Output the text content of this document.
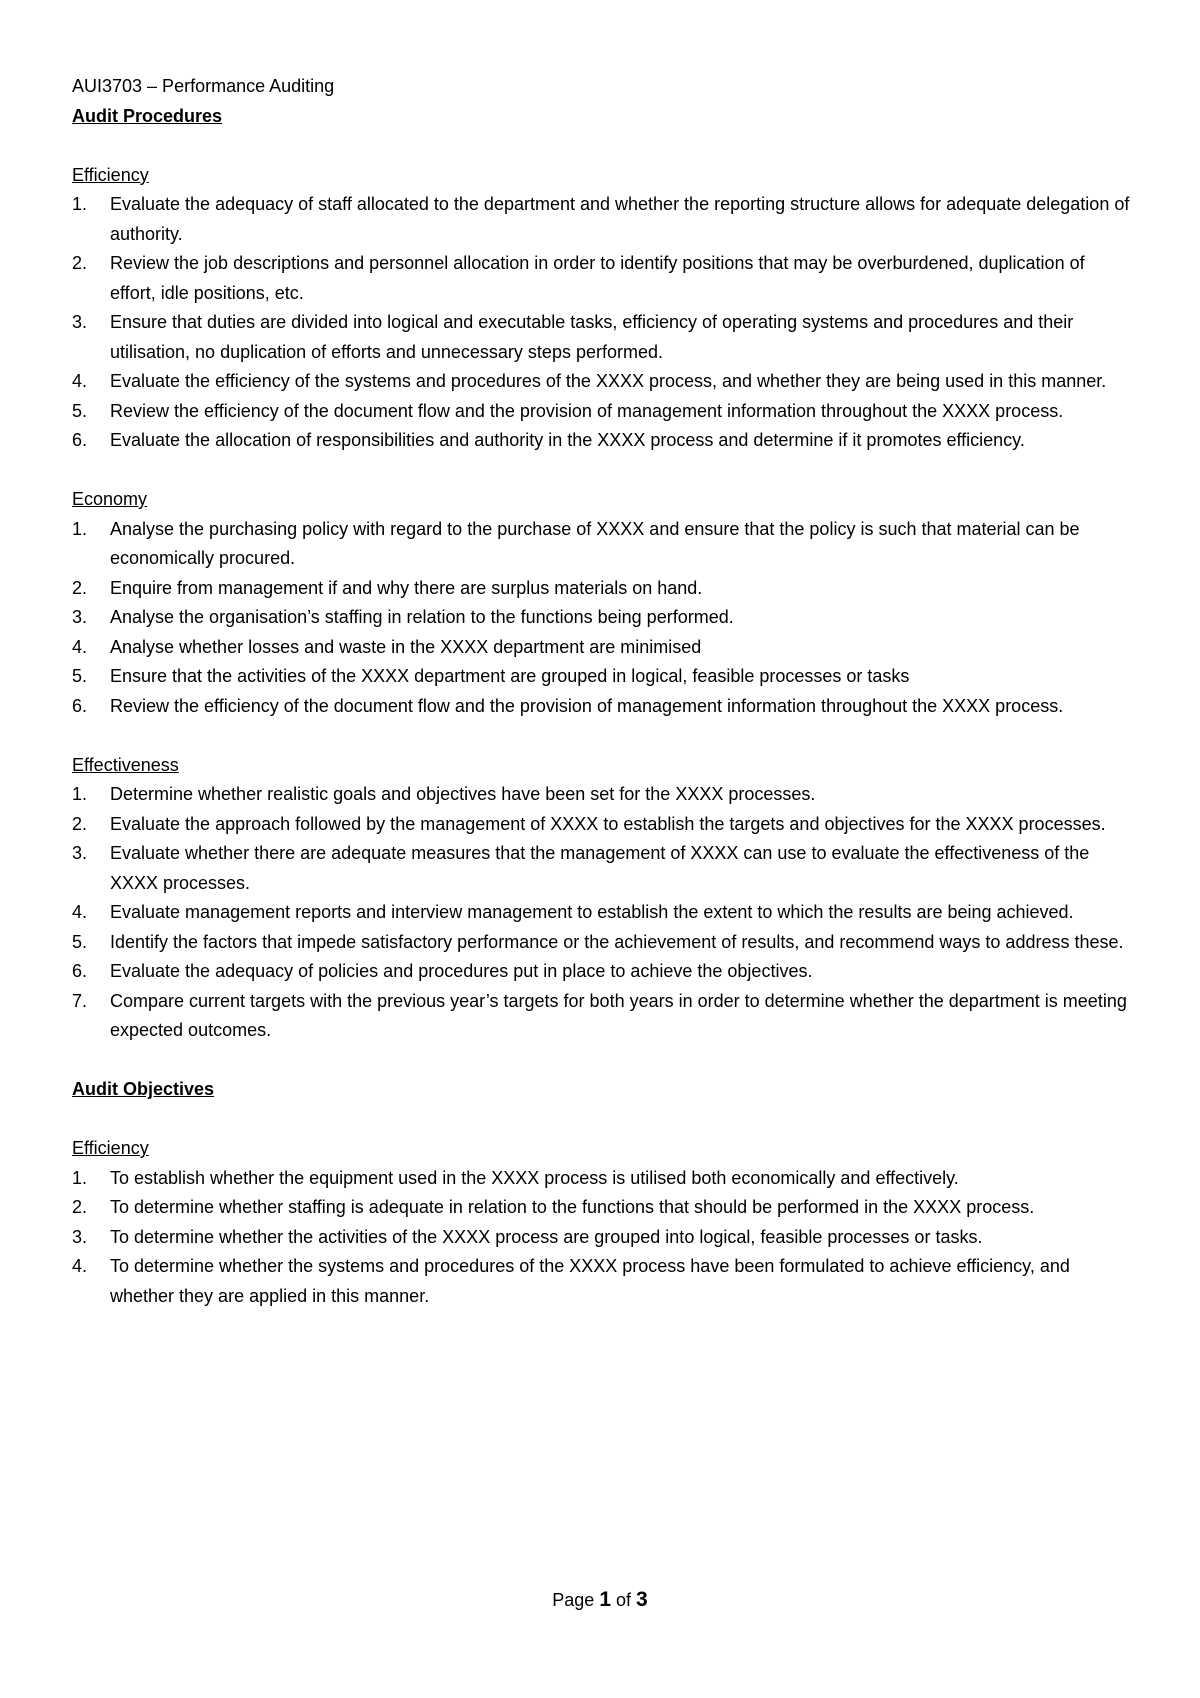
AUI3703 – Performance Auditing
Audit Procedures
Efficiency
1.	Evaluate the adequacy of staff allocated to the department and whether the reporting structure allows for adequate delegation of authority.
2.	Review the job descriptions and personnel allocation in order to identify positions that may be overburdened, duplication of effort, idle positions, etc.
3.	Ensure that duties are divided into logical and executable tasks, efficiency of operating systems and procedures and their utilisation, no duplication of efforts and unnecessary steps performed.
4.	Evaluate the efficiency of the systems and procedures of the XXXX process, and whether they are being used in this manner.
5.	Review the efficiency of the document flow and the provision of management information throughout the XXXX process.
6.	Evaluate the allocation of responsibilities and authority in the XXXX process and determine if it promotes efficiency.
Economy
1.	Analyse the purchasing policy with regard to the purchase of XXXX and ensure that the policy is such that material can be economically procured.
2.	Enquire from management if and why there are surplus materials on hand.
3.	Analyse the organisation’s staffing in relation to the functions being performed.
4.	Analyse whether losses and waste in the XXXX department are minimised
5.	Ensure that the activities of the XXXX department are grouped in logical, feasible processes or tasks
6.	Review the efficiency of the document flow and the provision of management information throughout the XXXX process.
Effectiveness
1.	Determine whether realistic goals and objectives have been set for the XXXX processes.
2.	Evaluate the approach followed by the management of XXXX to establish the targets and objectives for the XXXX processes.
3.	Evaluate whether there are adequate measures that the management of XXXX can use to evaluate the effectiveness of the XXXX processes.
4.	Evaluate management reports and interview management to establish the extent to which the results are being achieved.
5.	Identify the factors that impede satisfactory performance or the achievement of results, and recommend ways to address these.
6.	Evaluate the adequacy of policies and procedures put in place to achieve the objectives.
7.	Compare current targets with the previous year’s targets for both years in order to determine whether the department is meeting expected outcomes.
Audit Objectives
Efficiency
1.	To establish whether the equipment used in the XXXX process is utilised both economically and effectively.
2.	To determine whether staffing is adequate in relation to the functions that should be performed in the XXXX process.
3.	To determine whether the activities of the XXXX process are grouped into logical, feasible processes or tasks.
4.	To determine whether the systems and procedures of the XXXX process have been formulated to achieve efficiency, and whether they are applied in this manner.
Page 1 of 3
